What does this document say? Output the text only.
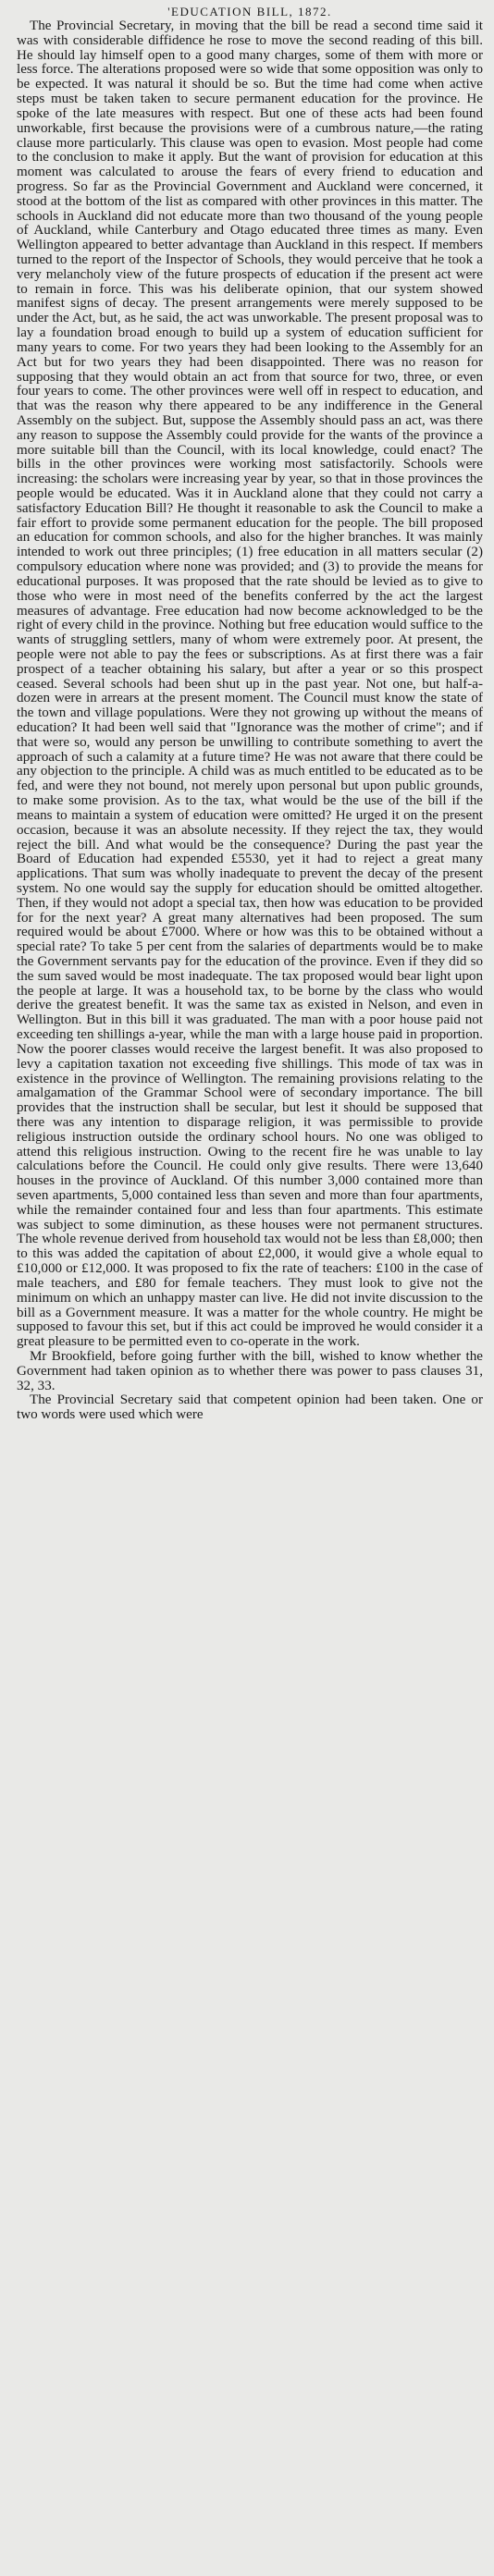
'EDUCATION BILL, 1872.

The Provincial Secretary, in moving that the bill be read a second time said it was with considerable diffidence he rose to move the second reading of this bill. He should lay himself open to a good many charges, some of them with more or less force. The alterations proposed were so wide that some opposition was only to be expected. It was natural it should be so. But the time had come when active steps must be taken taken to secure permanent education for the province. He spoke of the late measures with respect. But one of these acts had been found unworkable, first because the provisions were of a cumbrous nature,—the rating clause more particularly. This clause was open to evasion. Most people had come to the conclusion to make it apply. But the want of provision for education at this moment was calculated to arouse the fears of every friend to education and progress. So far as the Provincial Government and Auckland were concerned, it stood at the bottom of the list as compared with other provinces in this matter. The schools in Auckland did not educate more than two thousand of the young people of Auckland, while Canterbury and Otago educated three times as many. Even Wellington appeared to better advantage than Auckland in this respect. If members turned to the report of the Inspector of Schools, they would perceive that he took a very melancholy view of the future prospects of education if the present act were to remain in force. This was his deliberate opinion, that our system showed manifest signs of decay. The present arrangements were merely supposed to be under the Act, but, as he said, the act was unworkable. The present proposal was to lay a foundation broad enough to build up a system of education sufficient for many years to come. For two years they had been looking to the Assembly for an Act but for two years they had been disappointed. There was no reason for supposing that they would obtain an act from that source for two, three, or even four years to come. The other provinces were well off in respect to education, and that was the reason why there appeared to be any indifference in the General Assembly on the subject. But, suppose the Assembly should pass an act, was there any reason to suppose the Assembly could provide for the wants of the province a more suitable bill than the Council, with its local knowledge, could enact? The bills in the other provinces were working most satisfactorily. Schools were increasing: the scholars were increasing year by year, so that in those provinces the people would be educated. Was it in Auckland alone that they could not carry a satisfactory Education Bill? He thought it reasonable to ask the Council to make a fair effort to provide some permanent education for the people. The bill proposed an education for common schools, and also for the higher branches. It was mainly intended to work out three principles; (1) free education in all matters secular (2) compulsory education where none was provided; and (3) to provide the means for educational purposes. It was proposed that the rate should be levied as to give to those who were in most need of the benefits conferred by the act the largest measures of advantage. Free education had now become acknowledged to be the right of every child in the province. Nothing but free education would suffice to the wants of struggling settlers, many of whom were extremely poor. At present, the people were not able to pay the fees or subscriptions. As at first there was a fair prospect of a teacher obtaining his salary, but after a year or so this prospect ceased. Several schools had been shut up in the past year. Not one, but half-a-dozen were in arrears at the present moment. The Council must know the state of the town and village populations. Were they not growing up without the means of education? It had been well said that "Ignorance was the mother of crime"; and if that were so, would any person be unwilling to contribute something to avert the approach of such a calamity at a future time? He was not aware that there could be any objection to the principle. A child was as much entitled to be educated as to be fed, and were they not bound, not merely upon personal but upon public grounds, to make some provision. As to the tax, what would be the use of the bill if the means to maintain a system of education were omitted? He urged it on the present occasion, because it was an absolute necessity. If they reject the tax, they would reject the bill. And what would be the consequence? During the past year the Board of Education had expended £5530, yet it had to reject a great many applications. That sum was wholly inadequate to prevent the decay of the present system. No one would say the supply for education should be omitted altogether. Then, if they would not adopt a special tax, then how was education to be provided for for the next year? A great many alternatives had been proposed. The sum required would be about £7000. Where or how was this to be obtained without a special rate? To take 5 per cent from the salaries of departments would be to make the Government servants pay for the education of the province. Even if they did so the sum saved would be most inadequate. The tax proposed would bear light upon the people at large. It was a household tax, to be borne by the class who would derive the greatest benefit. It was the same tax as existed in Nelson, and even in Wellington. But in this bill it was graduated. The man with a poor house paid not exceeding ten shillings a-year, while the man with a large house paid in proportion. Now the poorer classes would receive the largest benefit. It was also proposed to levy a capitation taxation not exceeding five shillings. This mode of tax was in existence in the province of Wellington. The remaining provisions relating to the amalgamation of the Grammar School were of secondary importance. The bill provides that the instruction shall be secular, but lest it should be supposed that there was any intention to disparage religion, it was permissible to provide religious instruction outside the ordinary school hours. No one was obliged to attend this religious instruction. Owing to the recent fire he was unable to lay calculations before the Council. He could only give results. There were 13,640 houses in the province of Auckland. Of this number 3,000 contained more than seven apartments, 5,000 contained less than seven and more than four apartments, while the remainder contained four and less than four apartments. This estimate was subject to some diminution, as these houses were not permanent structures. The whole revenue derived from household tax would not be less than £8,000; then to this was added the capitation of about £2,000, it would give a whole equal to £10,000 or £12,000. It was proposed to fix the rate of teachers: £100 in the case of male teachers, and £80 for female teachers. They must look to give not the minimum on which an unhappy master can live. He did not invite discussion to the bill as a Government measure. It was a matter for the whole country. He might be supposed to favour this set, but if this act could be improved he would consider it a great pleasure to be permitted even to co-operate in the work.

Mr Brookfield, before going further with the bill, wished to know whether the Government had taken opinion as to whether there was power to pass clauses 31, 32, 33.

The Provincial Secretary said that competent opinion had been taken. One or two words were used which were
